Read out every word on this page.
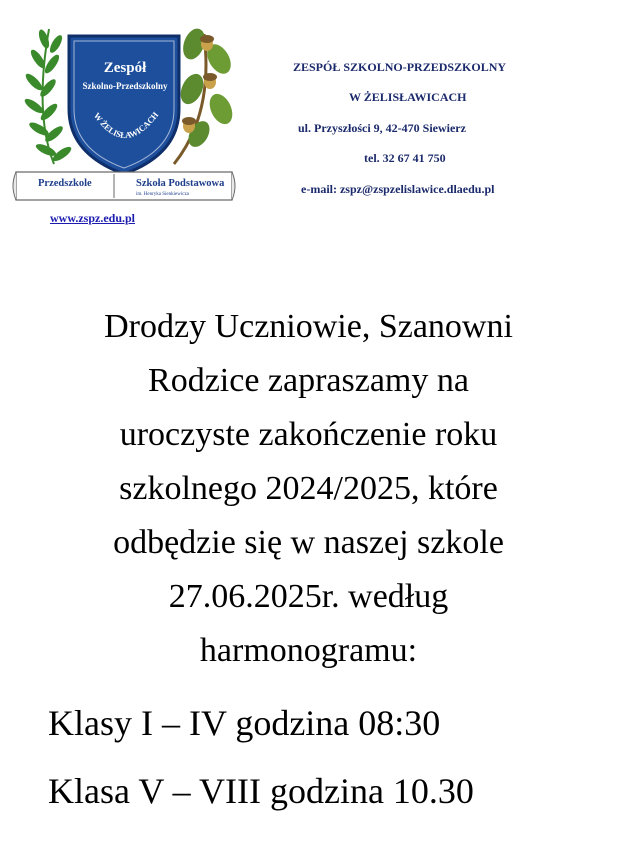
Zespół
Szkolno-Przedszkolny
W ŻELISŁAWICACH
Przedszkole	Szkoła Podstawowa
im. Henryka Sienkiewicza
www.zspz.edu.pl
ZESPÓŁ SZKOLNO-PRZEDSZKOLNY
W ŻELISŁAWICACH
ul. Przyszłości 9, 42-470 Siewierz
tel. 32 67 41 750
e-mail: zspz@zspzelislawice.dlaedu.pl
Drodzy Uczniowie, Szanowni
Rodzice zapraszamy na
uroczyste zakończenie roku
szkolnego 2024/2025, które
odbędzie się w naszej szkole
27.06.2025r. według
harmonogramu:
Klasy I – IV godzina 08:30
Klasa V – VIII godzina 10.30
